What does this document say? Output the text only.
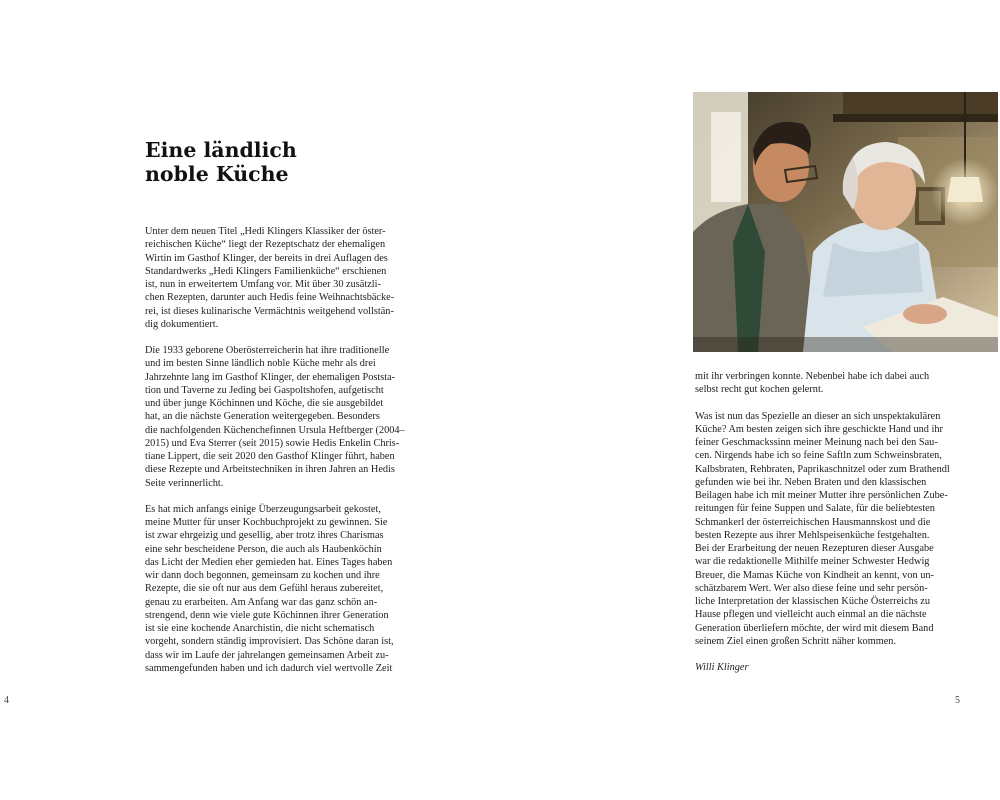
Eine ländlich
noble Küche

Unter dem neuen Titel „Hedi Klingers Klassiker der öster-
reichischen Küche“ liegt der Rezeptschatz der ehemaligen
Wirtin im Gasthof Klinger, der bereits in drei Auflagen des
Standardwerks „Hedi Klingers Familienküche“ erschienen
ist, nun in erweitertem Umfang vor. Mit über 30 zusätzli-
chen Rezepten, darunter auch Hedis feine Weihnachtsbäcke-
rei, ist dieses kulinarische Vermächtnis weitgehend vollstän-
dig dokumentiert.

Die 1933 geborene Oberösterreicherin hat ihre traditionelle
und im besten Sinne ländlich noble Küche mehr als drei
Jahrzehnte lang im Gasthof Klinger, der ehemaligen Poststa-
tion und Taverne zu Jeding bei Gaspoltshofen, aufgetischt
und über junge Köchinnen und Köche, die sie ausgebildet
hat, an die nächste Generation weitergegeben. Besonders
die nachfolgenden Küchenchefinnen Ursula Heftberger (2004–
2015) und Eva Sterrer (seit 2015) sowie Hedis Enkelin Chris-
tiane Lippert, die seit 2020 den Gasthof Klinger führt, haben
diese Rezepte und Arbeitstechniken in ihren Jahren an Hedis
Seite verinnerlicht.

Es hat mich anfangs einige Überzeugungsarbeit gekostet,
meine Mutter für unser Kochbuchprojekt zu gewinnen. Sie
ist zwar ehrgeizig und gesellig, aber trotz ihres Charismas
eine sehr bescheidene Person, die auch als Haubenköchin
das Licht der Medien eher gemieden hat. Eines Tages haben
wir dann doch begonnen, gemeinsam zu kochen und ihre
Rezepte, die sie oft nur aus dem Gefühl heraus zubereitet,
genau zu erarbeiten. Am Anfang war das ganz schön an-
strengend, denn wie viele gute Köchinnen ihrer Generation
ist sie eine kochende Anarchistin, die nicht schematisch
vorgeht, sondern ständig improvisiert. Das Schöne daran ist,
dass wir im Laufe der jahrelangen gemeinsamen Arbeit zu-
sammengefunden haben und ich dadurch viel wertvolle Zeit

4

mit ihr verbringen konnte. Nebenbei habe ich dabei auch
selbst recht gut kochen gelernt.

Was ist nun das Spezielle an dieser an sich unspektakulären
Küche? Am besten zeigen sich ihre geschickte Hand und ihr
feiner Geschmackssinn meiner Meinung nach bei den Sau-
cen. Nirgends habe ich so feine Saftln zum Schweinsbraten,
Kalbsbraten, Rehbraten, Paprikaschnitzel oder zum Brathendl
gefunden wie bei ihr. Neben Braten und den klassischen
Beilagen habe ich mit meiner Mutter ihre persönlichen Zube-
reitungen für feine Suppen und Salate, für die beliebtesten
Schmankerl der österreichischen Hausmannskost und die
besten Rezepte aus ihrer Mehlspeisenküche festgehalten.
Bei der Erarbeitung der neuen Rezepturen dieser Ausgabe
war die redaktionelle Mithilfe meiner Schwester Hedwig
Breuer, die Mamas Küche von Kindheit an kennt, von un-
schätzbarem Wert. Wer also diese feine und sehr persön-
liche Interpretation der klassischen Küche Österreichs zu
Hause pflegen und vielleicht auch einmal an die nächste
Generation überliefern möchte, der wird mit diesem Band
seinem Ziel einen großen Schritt näher kommen.

Willi Klinger

5
